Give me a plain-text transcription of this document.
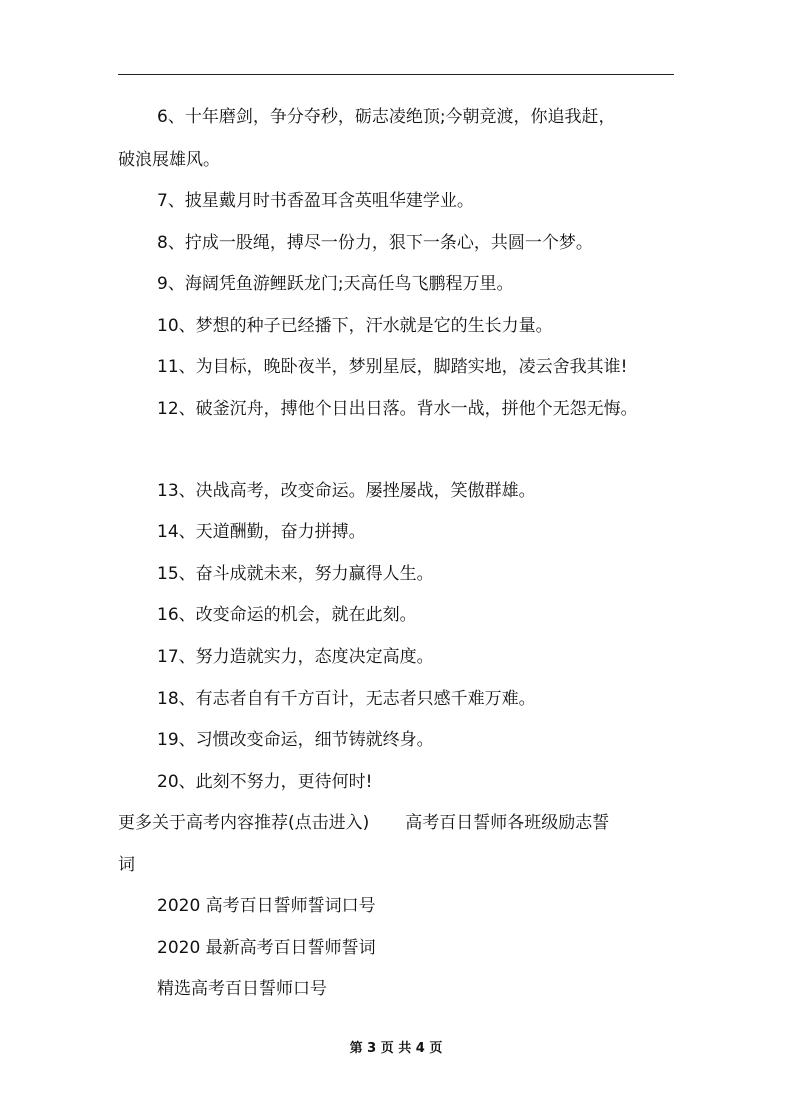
6、十年磨剑，争分夺秒，砺志凌绝顶;今朝竞渡，你追我赶，
破浪展雄风。
7、披星戴月时书香盈耳含英咀华建学业。
8、拧成一股绳，搏尽一份力，狠下一条心，共圆一个梦。
9、海阔凭鱼游鲤跃龙门;天高任鸟飞鹏程万里。
10、梦想的种子已经播下，汗水就是它的生长力量。
11、为目标，晚卧夜半，梦别星辰，脚踏实地，凌云舍我其谁!
12、破釜沉舟，搏他个日出日落。背水一战，拼他个无怨无悔。
13、决战高考，改变命运。屡挫屡战，笑傲群雄。
14、天道酬勤，奋力拼搏。
15、奋斗成就未来，努力赢得人生。
16、改变命运的机会，就在此刻。
17、努力造就实力，态度决定高度。
18、有志者自有千方百计，无志者只感千难万难。
19、习惯改变命运，细节铸就终身。
20、此刻不努力，更待何时!
更多关于高考内容推荐(点击进入) 高考百日誓师各班级励志誓
词
2020 高考百日誓师誓词口号
2020 最新高考百日誓师誓词
精选高考百日誓师口号
第 3 页 共 4 页
